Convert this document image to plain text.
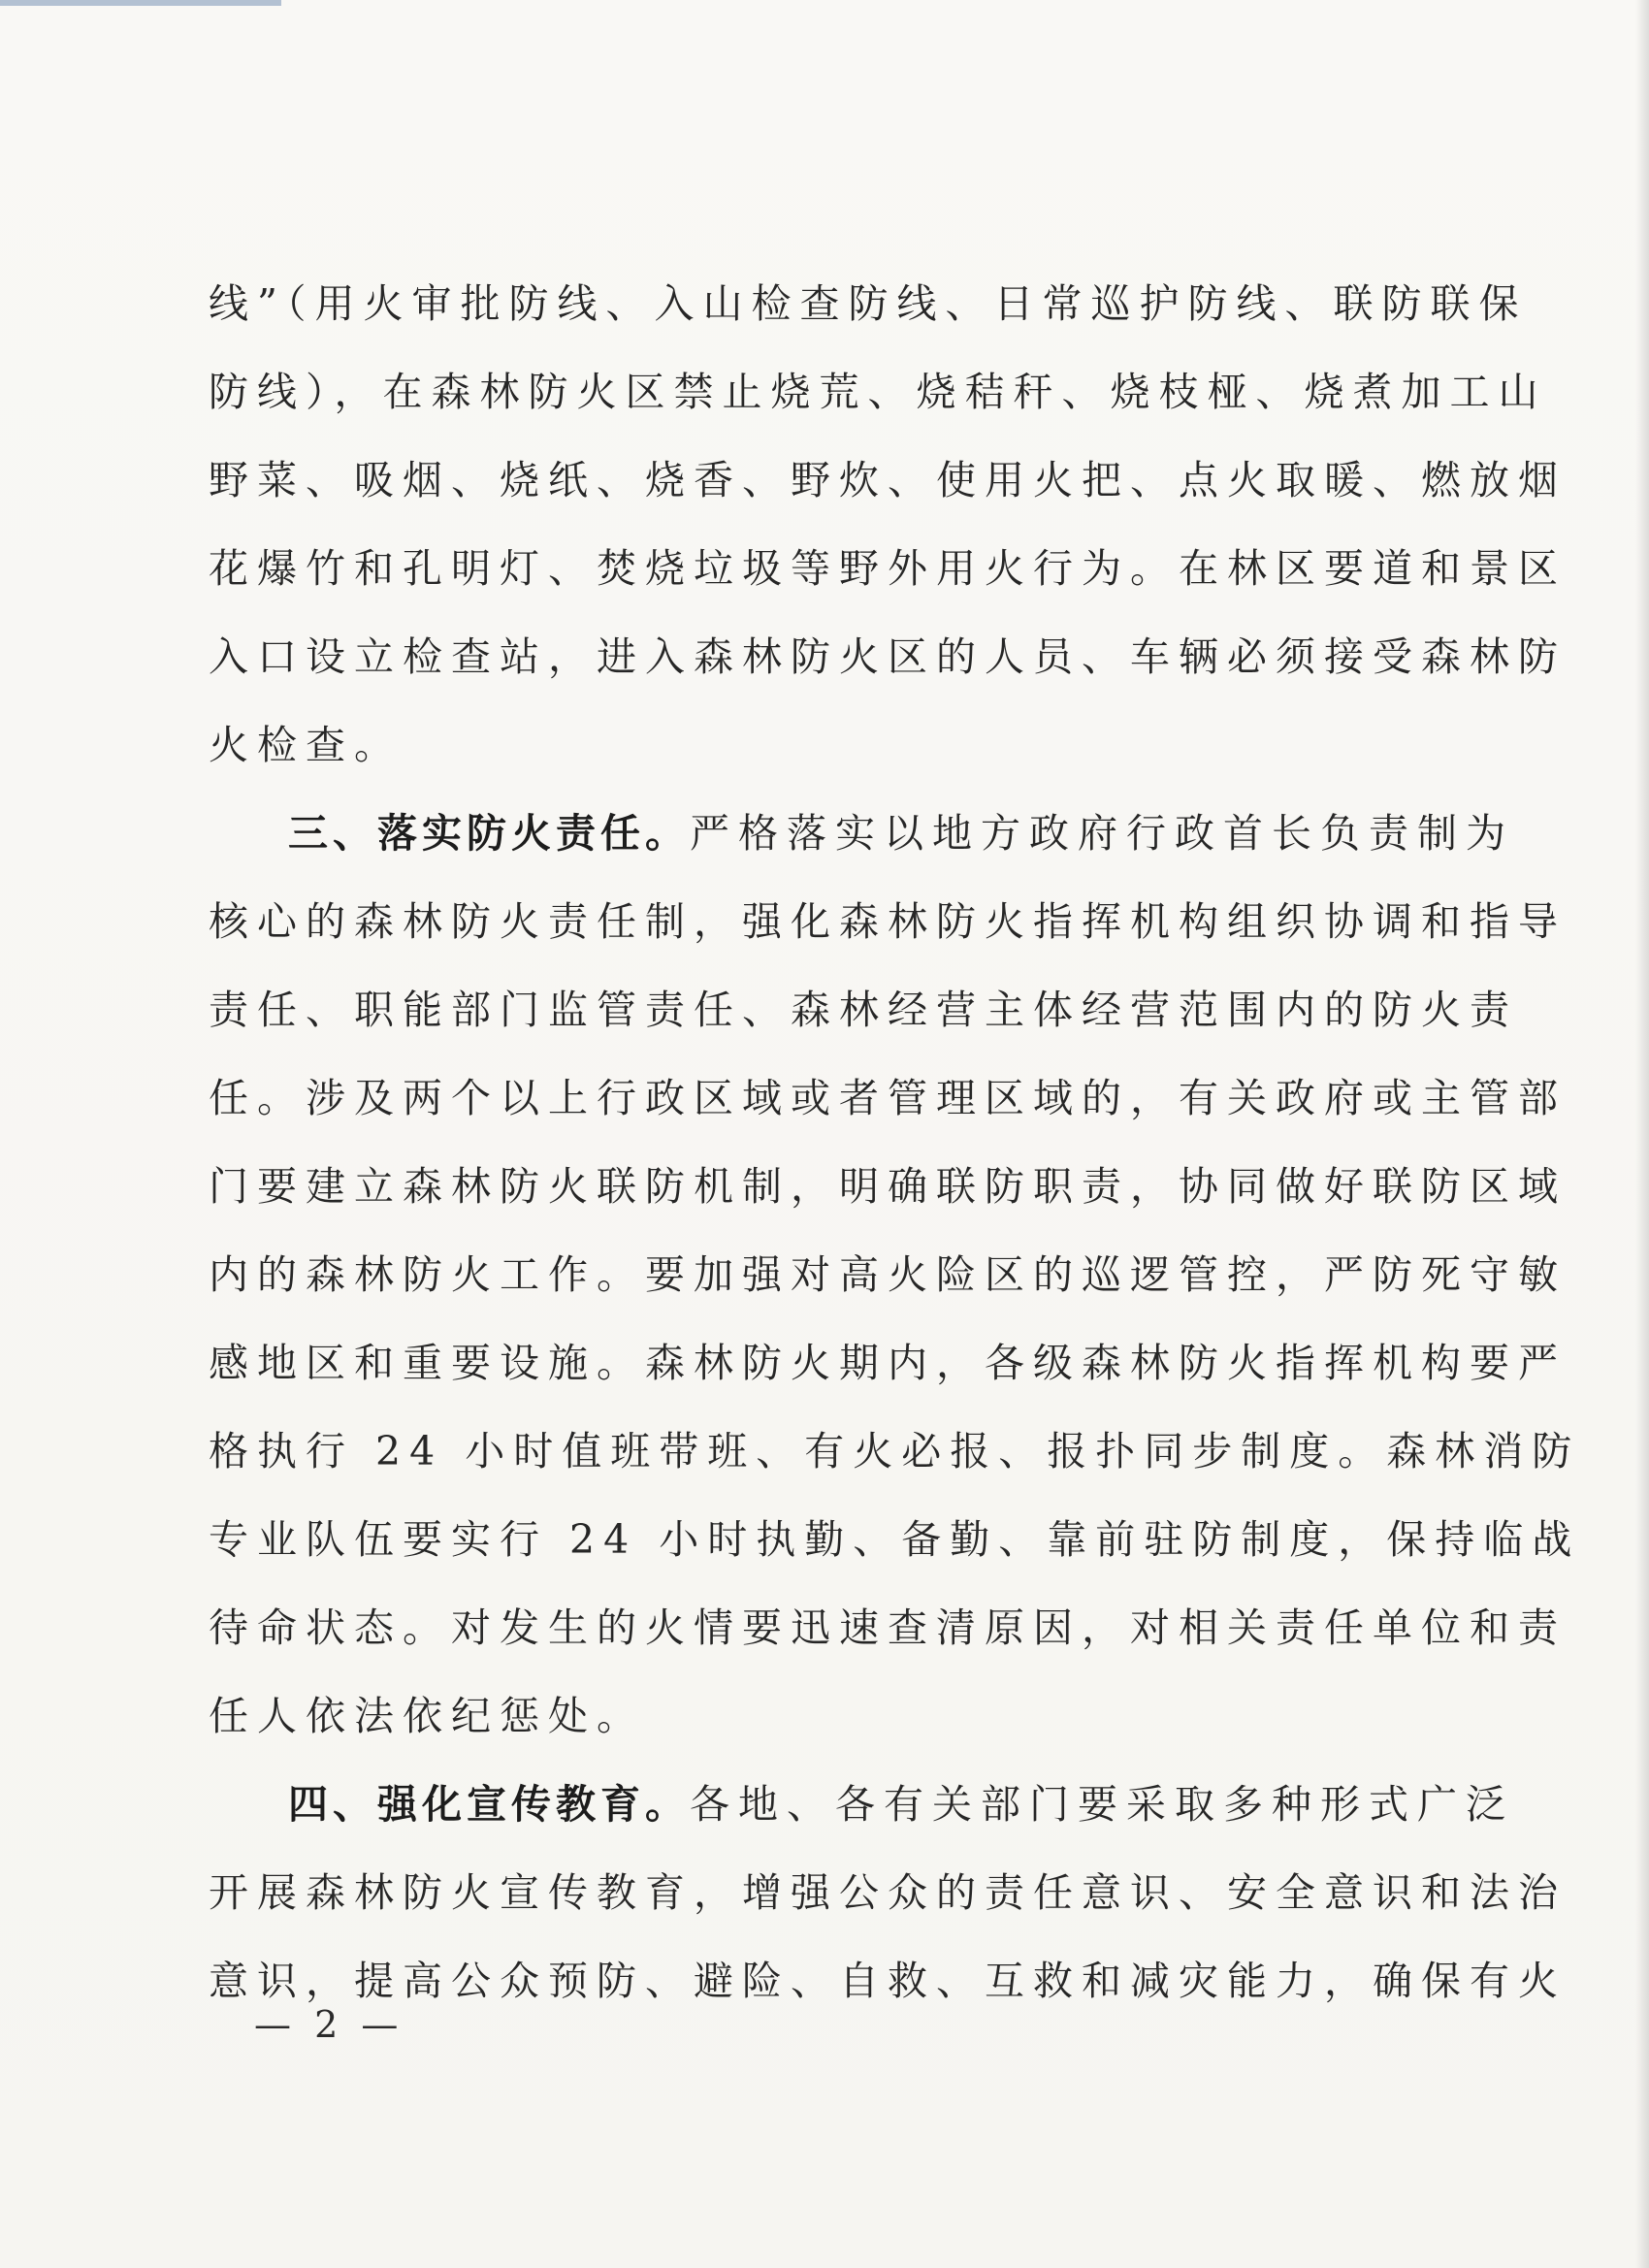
线”（用火审批防线、入山检查防线、日常巡护防线、联防联保
防线），在森林防火区禁止烧荒、烧秸秆、烧枝桠、烧煮加工山
野菜、吸烟、烧纸、烧香、野炊、使用火把、点火取暖、燃放烟
花爆竹和孔明灯、焚烧垃圾等野外用火行为。在林区要道和景区
入口设立检查站，进入森林防火区的人员、车辆必须接受森林防
火检查。
三、落实防火责任。严格落实以地方政府行政首长负责制为
核心的森林防火责任制，强化森林防火指挥机构组织协调和指导
责任、职能部门监管责任、森林经营主体经营范围内的防火责
任。涉及两个以上行政区域或者管理区域的，有关政府或主管部
门要建立森林防火联防机制，明确联防职责，协同做好联防区域
内的森林防火工作。要加强对高火险区的巡逻管控，严防死守敏
感地区和重要设施。森林防火期内，各级森林防火指挥机构要严
格执行 24 小时值班带班、有火必报、报扑同步制度。森林消防
专业队伍要实行 24 小时执勤、备勤、靠前驻防制度，保持临战
待命状态。对发生的火情要迅速查清原因，对相关责任单位和责
任人依法依纪惩处。
四、强化宣传教育。各地、各有关部门要采取多种形式广泛
开展森林防火宣传教育，增强公众的责任意识、安全意识和法治
意识，提高公众预防、避险、自救、互救和减灾能力，确保有火
— 2 —
